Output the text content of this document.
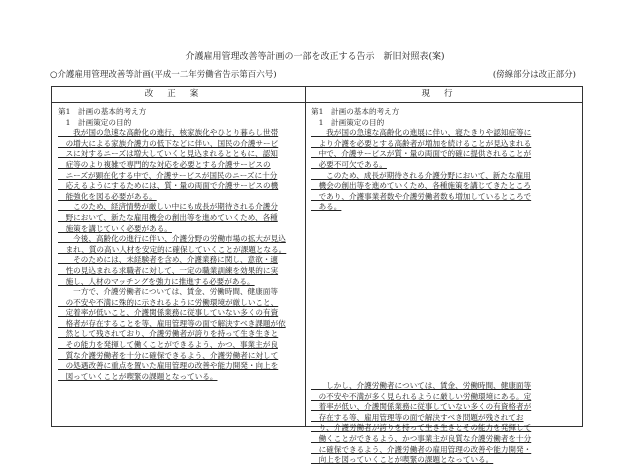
介護雇用管理改善等計画の一部を改正する告示　新旧対照表(案)
○介護雇用管理改善等計画(平成一二年労働省告示第百六号)	(傍線部分は改正部分)
改正案	現行
第1　計画の基本的考え方
　1　計画策定の目的
　　我が国の急速な高齢化の進行、核家族化やひとり暮らし世帯
　の増大による家族介護力の低下などに伴い、国民の介護サービ
　スに対するニーズは増大していくと見込まれるとともに、認知
　症等のより複雑で専門的な対応を必要とする介護サービスの
　ニーズが顕在化する中で、介護サービスが国民のニーズに十分
　応えるようにするためには、質・量の両面で介護サービスの機
　能強化を図る必要がある。
　　このため、経済情勢が厳しい中にも成長が期待される介護分
　野において、新たな雇用機会の創出等を進めていくため、各種
　施策を講じていく必要がある。
　　今後、高齢化の進行に伴い、介護分野の労働市場の拡大が見込
　まれ、質の高い人材を安定的に確保していくことが課題となる。
　　そのためには、未経験者を含め、介護業務に関し、意欲・適
　性の見込まれる求職者に対して、一定の職業訓練を効果的に実
　施し、人材のマッチングを強力に推進する必要がある。
　　一方で、介護労働者については、賃金、労働時間、健康面等
　の不安や不満に殊的に示されるように労働環境が厳しいこと、
　定着率が低いこと、介護関係業務に従事していない多くの有資
　格者が存在することを等、雇用管理等の面で解決すべき課題が依
　然として残されており、介護労働者が誇りを持って生き生きと
　その能力を発揮して働くことができるよう、かつ、事業主が良
　質な介護労働者を十分に確保できるよう、介護労働者に対して
　の処遇改善に重点を置いた雇用管理の改善や能力開発・向上を
　図っていくことが喫緊の課題となっている。
第1　計画の基本的考え方
　1　計画策定の目的
　　我が国の急速な高齢化の進展に伴い、寝たきりや認知症等に
　より介護を必要とする高齢者が増加を続けることが見込まれる
　中で、介護サービスが質・量の両面で的確に提供されることが
　必要不可欠である。
　　このため、成長が期待される介護分野において、新たな雇用
　機会の創出等を進めていくため、各種施策を講じてきたところ
　であり、介護事業者数や介護労働者数も増加しているところで
　ある。
　　しかし、介護労働者については、賃金、労働時間、健康面等
　の不安や不満が多く見られるように厳しい労働環境にある。定
　着率が低い、介護関係業務に従事していない多くの有資格者が
　存在する等、雇用管理等の面で解決すべき問題が残されてお
　り、介護労働者が誇りを持って生き生きとその能力を発揮して
　働くことができるよう、かつ事業主が良質な介護労働者を十分
　に確保できるよう、介護労働者の雇用管理の改善や能力開発・
　向上を図っていくことが喫緊の課題となっている。
